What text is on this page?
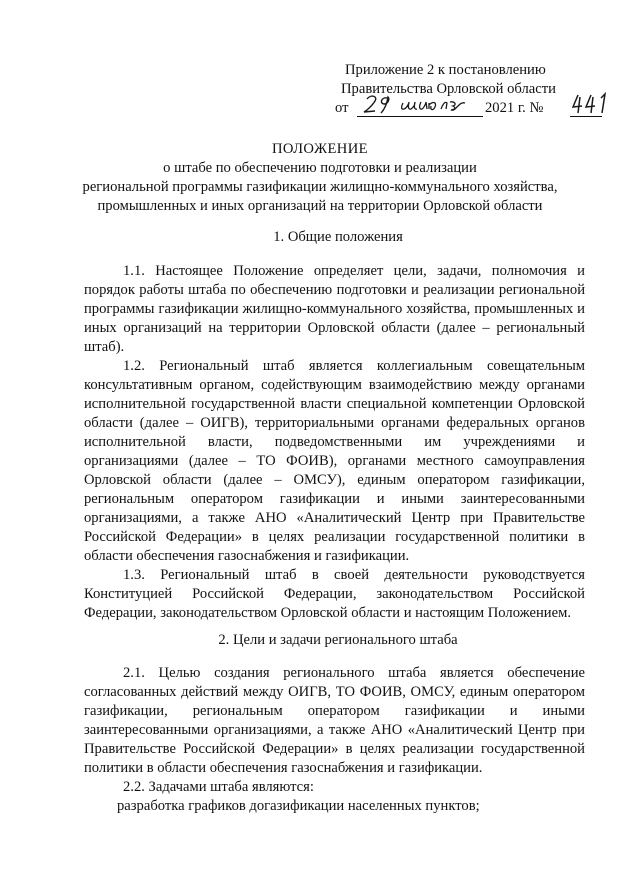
Приложение 2 к постановлению
Правительства Орловской области
от	2021 г. №
ПОЛОЖЕНИЕ
о штабе по обеспечению подготовки и реализации
региональной программы газификации жилищно-коммунального хозяйства,
промышленных и иных организаций на территории Орловской области
1. Общие положения

1.1. Настоящее Положение определяет цели, задачи, полномочия и порядок работы штаба по обеспечению подготовки и реализации региональной программы газификации жилищно-коммунального хозяйства, промышленных и иных организаций на территории Орловской области (далее – региональный штаб).

1.2. Региональный штаб является коллегиальным совещательным консультативным органом, содействующим взаимодействию между органами исполнительной государственной власти специальной компетенции Орловской области (далее – ОИГВ), территориальными органами федеральных органов исполнительной власти, подведомственными им учреждениями и организациями (далее – ТО ФОИВ), органами местного самоуправления Орловской области (далее – ОМСУ), единым оператором газификации, региональным оператором газификации и иными заинтересованными организациями, а также АНО «Аналитический Центр при Правительстве Российской Федерации» в целях реализации государственной политики в области обеспечения газоснабжения и газификации.

1.3. Региональный штаб в своей деятельности руководствуется Конституцией Российской Федерации, законодательством Российской Федерации, законодательством Орловской области и настоящим Положением.

2. Цели и задачи регионального штаба

2.1. Целью создания регионального штаба является обеспечение согласованных действий между ОИГВ, ТО ФОИВ, ОМСУ, единым оператором газификации, региональным оператором газификации и иными заинтересованными организациями, а также АНО «Аналитический Центр при Правительстве Российской Федерации» в целях реализации государственной политики в области обеспечения газоснабжения и газификации.

2.2. Задачами штаба являются:

разработка графиков догазификации населенных пунктов;
